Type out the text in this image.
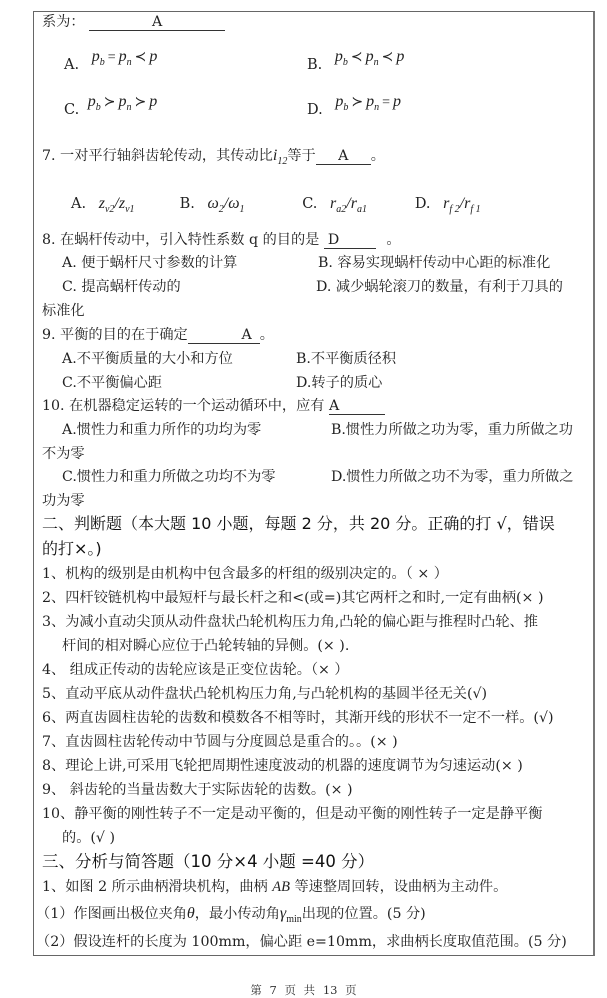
系为：	A
A. $p_b = p_n$ ≺ p	B. $p_b$ ≺ $p_n$ ≺ p
C. $p_b$ ≻ $p_n$ ≻ p	D. $p_b$ ≻ $p_n = p$
7. 一对平行轴斜齿轮传动，其传动比$i_{12}$等于 A 。
A. $z_{v2}/z_{v1}$	B. $\omega_2/\omega_1$	C. $r_{a2}/r_{a1}$	D. $r_{f 2}/r_{f 1}$
8. 在蜗杆传动中，引入特性系数 q 的目的是 D	。
A. 便于蜗杆尺寸参数的计算	B. 容易实现蜗杆传动中心距的标准化
C. 提高蜗杆传动的	D. 减少蜗轮滚刀的数量，有利于刀具的
标准化
9. 平衡的目的在于确定	A 。
A.不平衡质量的大小和方位	B.不平衡质径积
C.不平衡偏心距	D.转子的质心
10. 在机器稳定运转的一个运动循环中，应有 A
A.惯性力和重力所作的功均为零	B.惯性力所做之功为零，重力所做之功
不为零
C.惯性力和重力所做之功均不为零	D.惯性力所做之功不为零，重力所做之
功为零
二、判断题（本大题 10 小题，每题 2 分，共 20 分。正确的打 √，错误
的打×。)
1、机构的级别是由机构中包含最多的杆组的级别决定的。（ × ）
2、四杆铰链机构中最短杆与最长杆之和<(或=)其它两杆之和时,一定有曲柄(× )
3、为减小直动尖顶从动件盘状凸轮机构压力角,凸轮的偏心距与推程时凸轮、推
杆间的相对瞬心应位于凸轮转轴的异侧。(× ).
4、 组成正传动的齿轮应该是正变位齿轮。（× ）
5、直动平底从动件盘状凸轮机构压力角,与凸轮机构的基圆半径无关(√)
6、两直齿圆柱齿轮的齿数和模数各不相等时，其渐开线的形状不一定不一样。(√)
7、直齿圆柱齿轮传动中节圆与分度圆总是重合的。。(× )
8、理论上讲,可采用飞轮把周期性速度波动的机器的速度调节为匀速运动(× )
9、 斜齿轮的当量齿数大于实际齿轮的齿数。(× )
10、静平衡的刚性转子不一定是动平衡的，但是动平衡的刚性转子一定是静平衡
的。(√ )
三、分析与简答题（10 分×4 小题 =40 分）
1、如图 2 所示曲柄滑块机构，曲柄 AB 等速整周回转，设曲柄为主动件。
（1）作图画出极位夹角θ，最小传动角$\gamma_{min}$出现的位置。(5 分)
（2）假设连杆的长度为 100mm，偏心距 e=10mm，求曲柄长度取值范围。(5 分)
第 7 页 共 13 页
